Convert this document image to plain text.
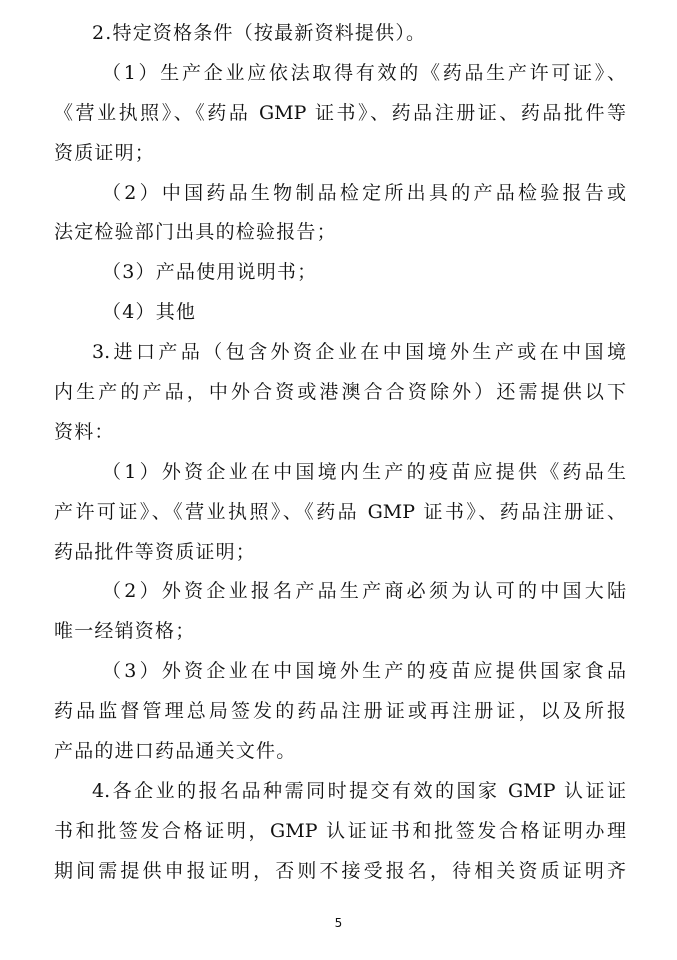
2.特定资格条件（按最新资料提供）。
（1）生产企业应依法取得有效的《药品生产许可证》、
《营业执照》、《药品 GMP 证书》、药品注册证、药品批件等
资质证明；
（2）中国药品生物制品检定所出具的产品检验报告或
法定检验部门出具的检验报告；
（3）产品使用说明书；
（4）其他
3.进口产品（包含外资企业在中国境外生产或在中国境
内生产的产品，中外合资或港澳合合资除外）还需提供以下
资料：
（1）外资企业在中国境内生产的疫苗应提供《药品生
产许可证》、《营业执照》、《药品 GMP 证书》、药品注册证、
药品批件等资质证明；
（2）外资企业报名产品生产商必须为认可的中国大陆
唯一经销资格；
（3）外资企业在中国境外生产的疫苗应提供国家食品
药品监督管理总局签发的药品注册证或再注册证，以及所报
产品的进口药品通关文件。
4.各企业的报名品种需同时提交有效的国家 GMP 认证证
书和批签发合格证明，GMP 认证证书和批签发合格证明办理
期间需提供申报证明，否则不接受报名，待相关资质证明齐
5
